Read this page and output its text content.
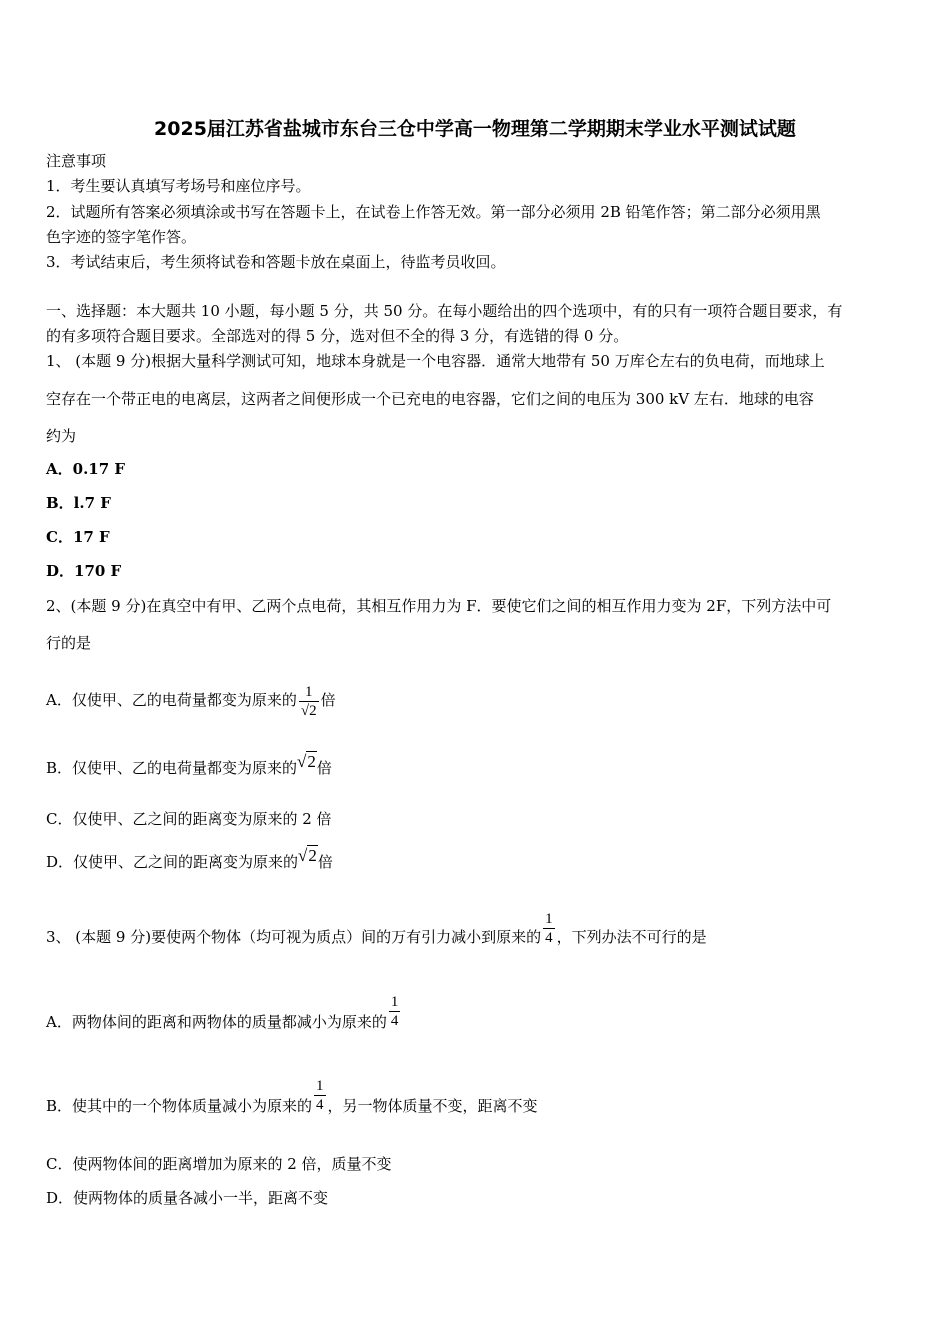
2025届江苏省盐城市东台三仓中学高一物理第二学期期末学业水平测试试题
注意事项
1．考生要认真填写考场号和座位序号。
2．试题所有答案必须填涂或书写在答题卡上，在试卷上作答无效。第一部分必须用 2B 铅笔作答；第二部分必须用黑
色字迹的签字笔作答。
3．考试结束后，考生须将试卷和答题卡放在桌面上，待监考员收回。
一、选择题：本大题共 10 小题，每小题 5 分，共 50 分。在每小题给出的四个选项中，有的只有一项符合题目要求，有
的有多项符合题目要求。全部选对的得 5 分，选对但不全的得 3 分，有选错的得 0 分。
1、 (本题 9 分)根据大量科学测试可知，地球本身就是一个电容器．通常大地带有 50 万库仑左右的负电荷，而地球上
空存在一个带正电的电离层，这两者之间便形成一个已充电的电容器，它们之间的电压为 300 kV 左右．地球的电容
约为
A．0.17 F
B．l.7 F
C．17 F
D．170 F
2、(本题 9 分)在真空中有甲、乙两个点电荷，其相互作用力为 F．要使它们之间的相互作用力变为 2F，下列方法中可
行的是
A．仅使甲、乙的电荷量都变为原来的 $\frac{1}{√2}$ 倍
B．仅使甲、乙的电荷量都变为原来的√2倍
C．仅使甲、乙之间的距离变为原来的 2 倍
D．仅使甲、乙之间的距离变为原来的√2倍
3、 (本题 9 分)要使两个物体（均可视为质点）间的万有引力减小到原来的 $\frac{1}{4}$ ，下列办法不可行的是
A．两物体间的距离和两物体的质量都减小为原来的 $\frac{1}{4}$
B．使其中的一个物体质量减小为原来的 $\frac{1}{4}$ ，另一物体质量不变，距离不变
C．使两物体间的距离增加为原来的 2 倍，质量不变
D．使两物体的质量各减小一半，距离不变
